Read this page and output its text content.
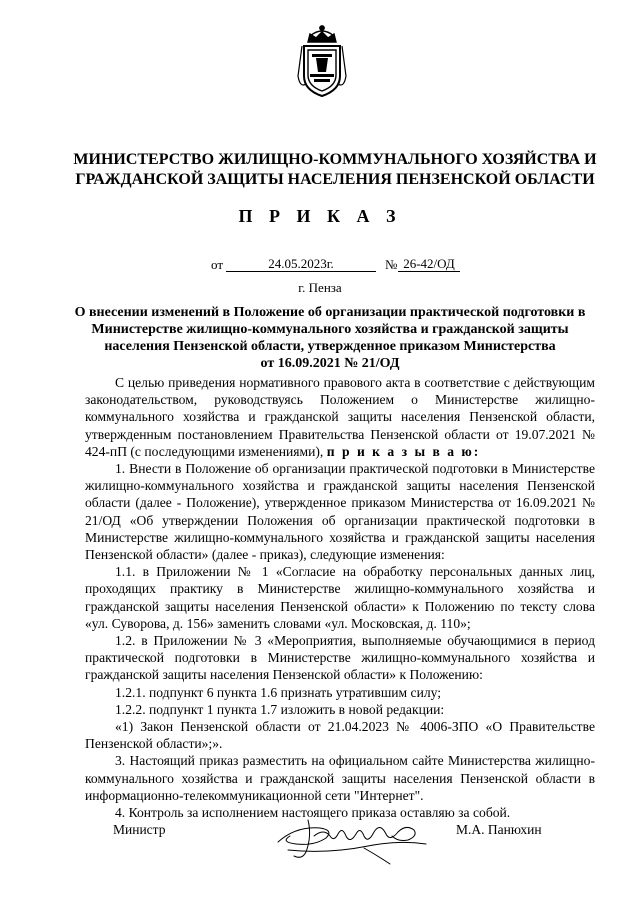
МИНИСТЕРСТВО ЖИЛИЩНО-КОММУНАЛЬНОГО ХОЗЯЙСТВА И
ГРАЖДАНСКОЙ ЗАЩИТЫ НАСЕЛЕНИЯ ПЕНЗЕНСКОЙ ОБЛАСТИ
П Р И К А З
от	24.05.2023г.	№ 26-42/ОД
г. Пенза
О внесении изменений в Положение об организации практической подготовки в
Министерстве жилищно-коммунального хозяйства и гражданской защиты
населения Пензенской области, утвержденное приказом Министерства
от 16.09.2021 № 21/ОД

С целью приведения нормативного правового акта в соответствие с действующим законодательством, руководствуясь Положением о Министерстве жилищно-коммунального хозяйства и гражданской защиты населения Пензенской области, утвержденным постановлением Правительства Пензенской области от 19.07.2021 № 424-пП (с последующими изменениями), п р и к а з ы в а ю:

1. Внести в Положение об организации практической подготовки в Министерстве жилищно-коммунального хозяйства и гражданской защиты населения Пензенской области (далее - Положение), утвержденное приказом Министерства от 16.09.2021 № 21/ОД «Об утверждении Положения об организации практической подготовки в Министерстве жилищно-коммунального хозяйства и гражданской защиты населения Пензенской области» (далее - приказ), следующие изменения:

1.1. в Приложении № 1 «Согласие на обработку персональных данных лиц, проходящих практику в Министерстве жилищно-коммунального хозяйства и гражданской защиты населения Пензенской области» к Положению по тексту слова «ул. Суворова, д. 156» заменить словами «ул. Московская, д. 110»;

1.2. в Приложении № 3 «Мероприятия, выполняемые обучающимися в период практической подготовки в Министерстве жилищно-коммунального хозяйства и гражданской защиты населения Пензенской области» к Положению:

1.2.1. подпункт 6 пункта 1.6 признать утратившим силу;

1.2.2. подпункт 1 пункта 1.7 изложить в новой редакции:

«1) Закон Пензенской области от 21.04.2023 № 4006-ЗПО «О Правительстве Пензенской области»;».

3. Настоящий приказ разместить на официальном сайте Министерства жилищно-коммунального хозяйства и гражданской защиты населения Пензенской области в информационно-телекоммуникационной сети "Интернет".

4. Контроль за исполнением настоящего приказа оставляю за собой.

Министр	М.А. Панюхин
